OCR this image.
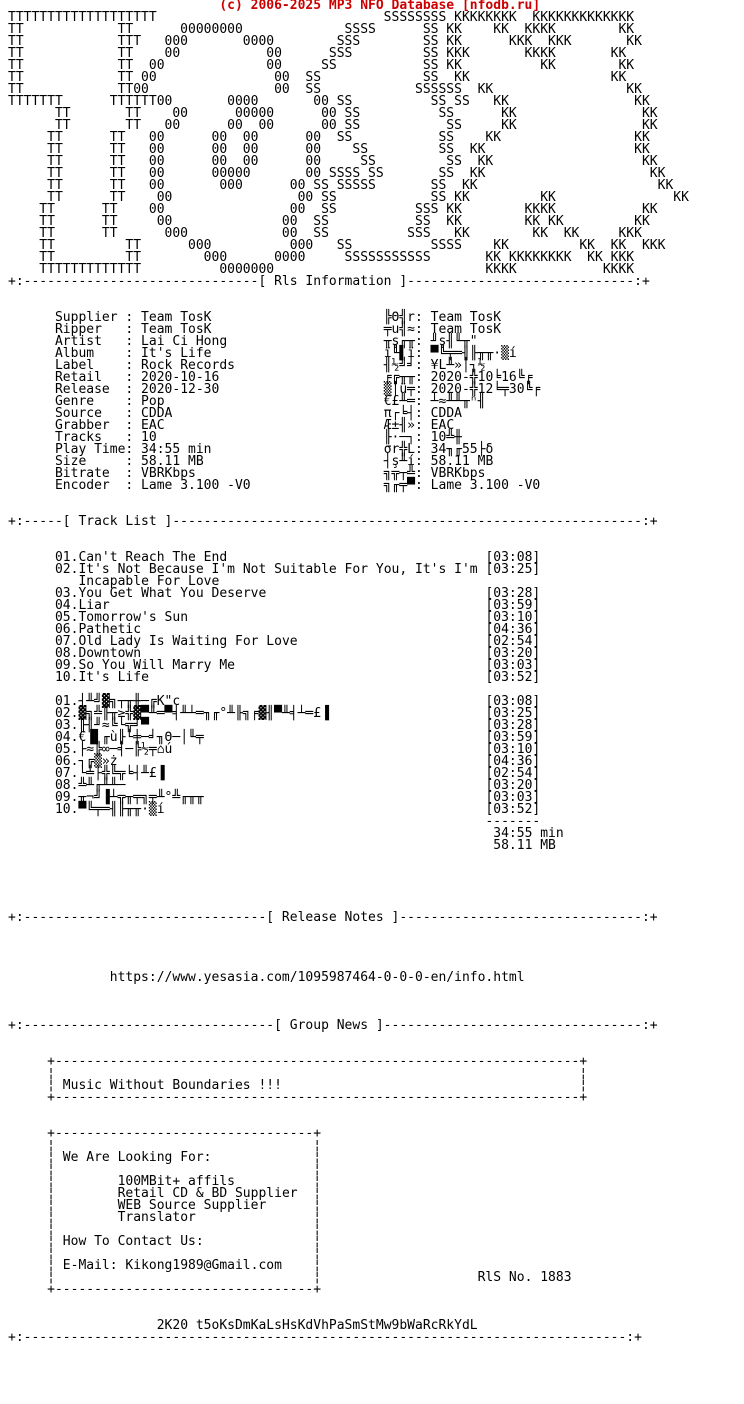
(c) 2006-2025 MP3 NFO Database [nfodb.ru]
TTTTTTTTTTTTTTTTTTT                             SSSSSSSS KKKKKKKK  KKKKKKKKKKKKK
TT            TT      00000000             SSSS      SS KK    KK  KKKK        KK
TT            TTT   000       0000        SSS        SS KK      KKK  KKK       KK
TT            TT    00           00      SSS         SS KKK       KKKK       KK
TT            TT  00             00     SS           SS KK          KK        KK
TT            TT 00               00  SS             SS  KK                  KK
TT            TT00                00  SS            SSSSSS  KK                 KK
TTTTTTT      TTTTTT00       0000       00 SS          SS SS   KK                KK
TT       TT    00      00000      00 SS          SS      KK                KK
TT       TT   00      00  00      00 SS           SS     KK                KK
TT      TT   00      00  00      00  SS           SS    KK                 KK
TT      TT   00      00  00      00    SS         SS  KK                   KK
TT      TT   00      00  00      00     SS         SS  KK                   KK
TT      TT   00      00000       00 SSSS SS       SS  KK                     KK
TT      TT   00       000      00 SS SSSSS       SS  KK                       KK
TT      TT    00                00 SS            SS KK         KK               KK
TT      TT    00                00  SS          SSS KK        KKKK           KK
TT      TT     00              00  SS           SS  KK        KK KK         KK
TT      TT      000            00  SS          SSS   KK        KK  KK     KKK
TT         TT      000          000   SS          SSSS    KK         KK  KK  KKK
TT         TT        000      0000     SSSSSSSSSSS       KK KKKKKKKK  KK KKK
TTTTTTTTTTTTT          0000000                           KKKK           KKKK
+:------------------------------[ Rls Information ]-----------------------------:+
Supplier : Team TosK                      ╠Θ╣r: Team TosK
Ripper   : Team TosK                      ╤u╣≈: Team TosK
Artist   : Lai Ci Hong                    ╥ş╓╥: ╜ş╢╙╥"
Album    : It's Life                      ï╙▌ï: ▀╚╤═╢╟╥╥·▒í
Label    : Rock Records                   ╢½╝╛: ¥L╨»│┐½
Retail   : 2020-10-16                     ╒╔╥╥: 2020-╬10╘16╚╒
Release  : 2020-12-30                     ▒│ü╤: 2020-╬12╘╤30╚╒
Genre    : Pop                            €£╨═: ┴≈╨╨╥ⁿ╢
Source   : CDDA                           π┌╘┤: CDDA
Grabber  : EAC                            Æ±╢»: EAC
Tracks   : 10                             ╟·─┐: 10╩╫
Play Time: 34:55 min                      σr╬L: 34╖╓55├δ
Size     : 58.11 MB                       ┤ş╨í: 58.11 MB
Bitrate  : VBRKbps                        ╗╦┬╩: VBRKbps
Encoder  : Lame 3.100 -V0                 ╗╓╤▀: Lame 3.100 -V0
+:-----[ Track List ]------------------------------------------------------------:+
01.Can't Reach The End                                 [03:08]
02.It's Not Because I'm Not Suitable For You, It's I'm [03:25]
Incapable For Love
03.You Get What You Deserve                            [03:28]
04.Liar                                                [03:59]
05.Tomorrow's Sun                                      [03:10]
06.Pathetic                                            [04:36]
07.Old Lady Is Waiting For Love                        [02:54]
08.Downtown                                            [03:20]
09.So You Will Marry Me                                [03:03]
10.It's Life                                           [03:52]
01.┤╨╝▓╗┬╥╫─╔K"c                                       [03:08]
02.▓╗╩╟╥≥╬▓▀╨═▀╡╨┴═╖╓°╨╟╗╒▓╢▀╨╡┴═£▐                    [03:25]
03.╟╢╜≈╚└╦╛▀                                           [03:28]
04.€▐▌╓ù╟└╪─╛╖Θ─│╙╤                                    [03:59]
05.├≈╠∞─╡─╠½╤⌂ú                                        [03:10]
06.┐╔▒»ż                                               [04:36]
07.└╧├╬╚╦╘┤╨£▐                                         [02:54]
08.╩╨╓╨╨─                                              [03:20]
09.╥¬╝▐┴╦╥╤╗╤╨°╩╓╥╥                                    [03:03]
10.▀╚╤═╢╟╥╥·▒í                                         [03:52]
-------
34:55 min
58.11 MB
+:-------------------------------[ Release Notes ]-------------------------------:+
https://www.yesasia.com/1095987464-0-0-0-en/info.html
+:--------------------------------[ Group News ]---------------------------------:+
+-------------------------------------------------------------------+
¦                                                                   ¦
¦ Music Without Boundaries !!!                                      ¦
+-------------------------------------------------------------------+
+---------------------------------+
¦                                 ¦
¦ We Are Looking For:             ¦
¦                                 ¦
¦        100MBit+ affils          ¦
¦        Retail CD & BD Supplier  ¦
¦        WEB Source Supplier      ¦
¦        Translator               ¦
¦                                 ¦
¦ How To Contact Us:              ¦
¦                                 ¦
¦ E-Mail: Kikong1989@Gmail.com    ¦
¦                                 ¦                    RlS No. 1883
+---------------------------------+
2K20 t5oKsDmKaLsHsKdVhPaSmStMw9bWaRcRkYdL
+:-----------------------------------------------------------------------------:+
